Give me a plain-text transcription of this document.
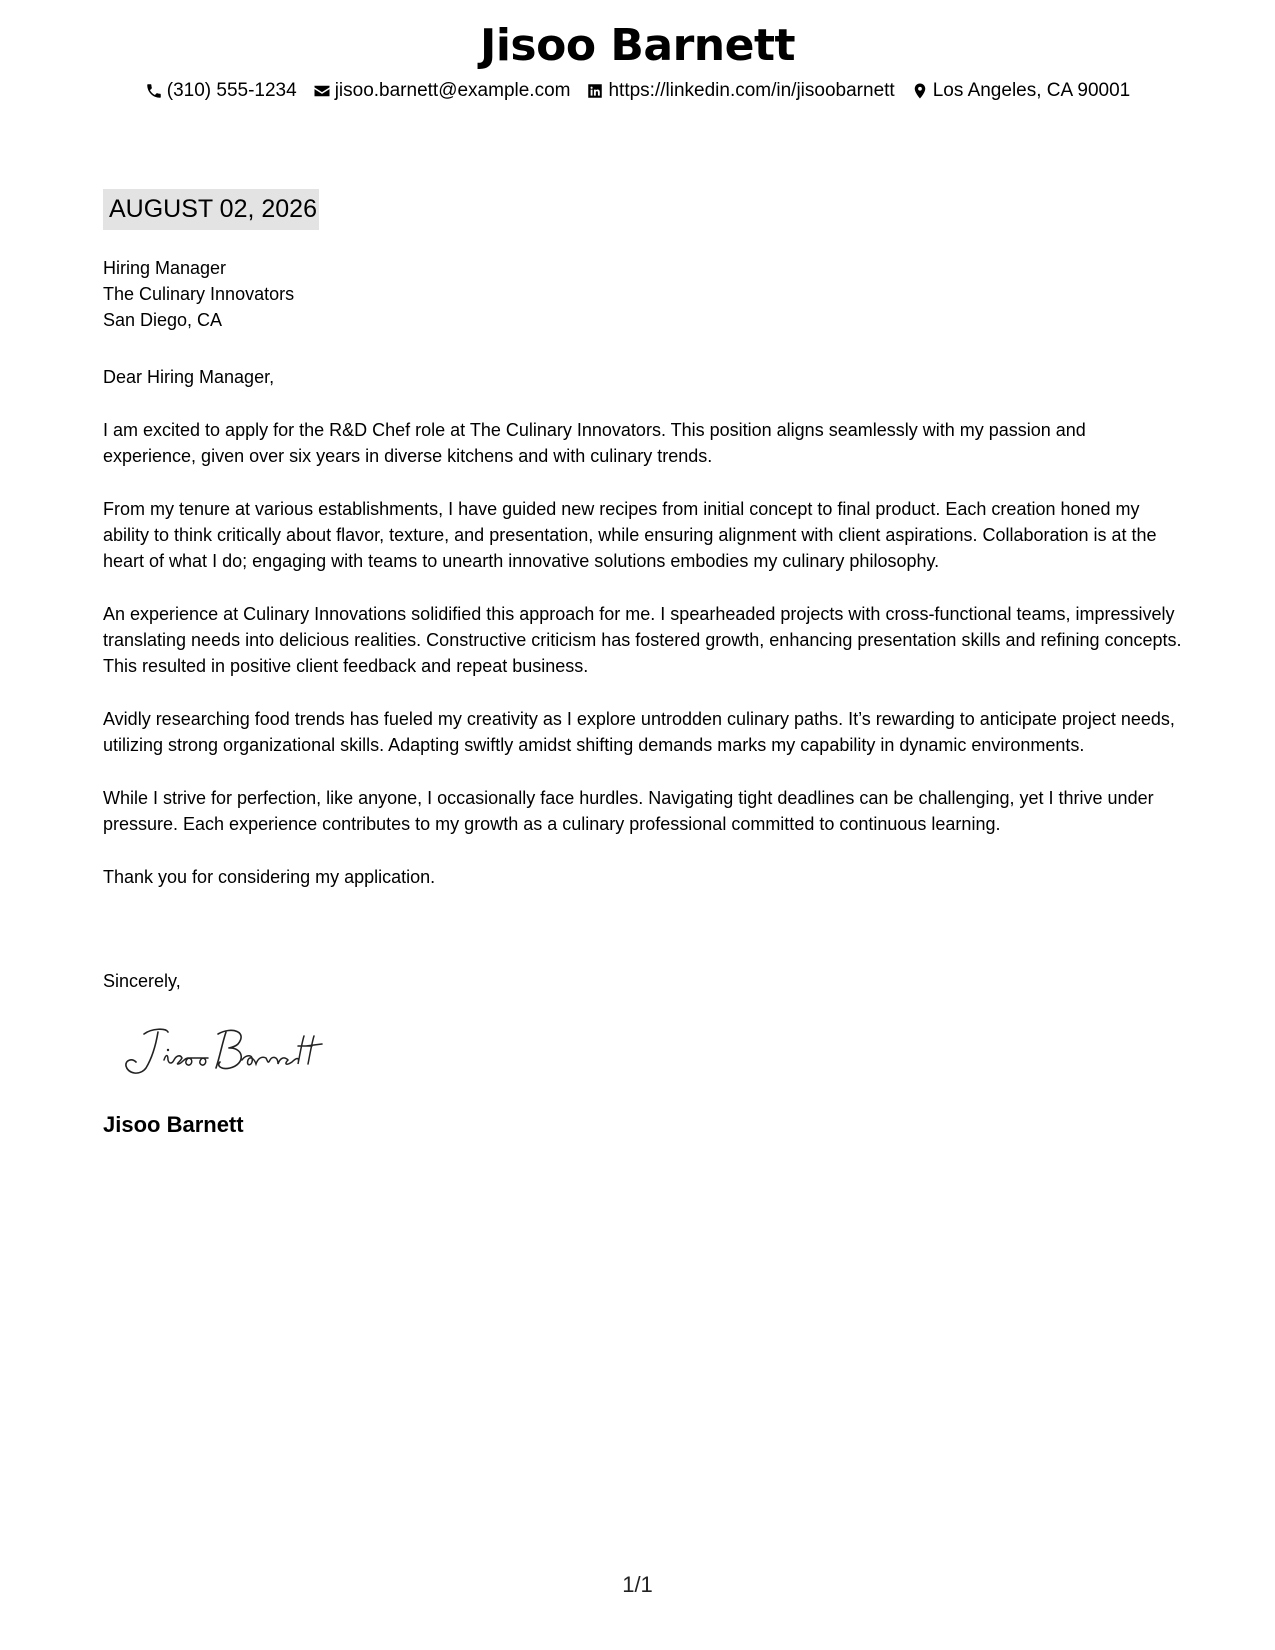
Jisoo Barnett
(310) 555-1234 jisoo.barnett@example.com https://linkedin.com/in/jisoobarnett Los Angeles, CA 90001
AUGUST 02, 2026
Hiring Manager
The Culinary Innovators
San Diego, CA

Dear Hiring Manager,

I am excited to apply for the R&D Chef role at The Culinary Innovators. This position aligns seamlessly with my passion and experience, given over six years in diverse kitchens and with culinary trends.

From my tenure at various establishments, I have guided new recipes from initial concept to final product. Each creation honed my ability to think critically about flavor, texture, and presentation, while ensuring alignment with client aspirations. Collaboration is at the heart of what I do; engaging with teams to unearth innovative solutions embodies my culinary philosophy.

An experience at Culinary Innovations solidified this approach for me. I spearheaded projects with cross-functional teams, impressively translating needs into delicious realities. Constructive criticism has fostered growth, enhancing presentation skills and refining concepts. This resulted in positive client feedback and repeat business.

Avidly researching food trends has fueled my creativity as I explore untrodden culinary paths. It’s rewarding to anticipate project needs, utilizing strong organizational skills. Adapting swiftly amidst shifting demands marks my capability in dynamic environments.

While I strive for perfection, like anyone, I occasionally face hurdles. Navigating tight deadlines can be challenging, yet I thrive under pressure. Each experience contributes to my growth as a culinary professional committed to continuous learning.

Thank you for considering my application.

Sincerely,
Jisoo Barnett
1/1
